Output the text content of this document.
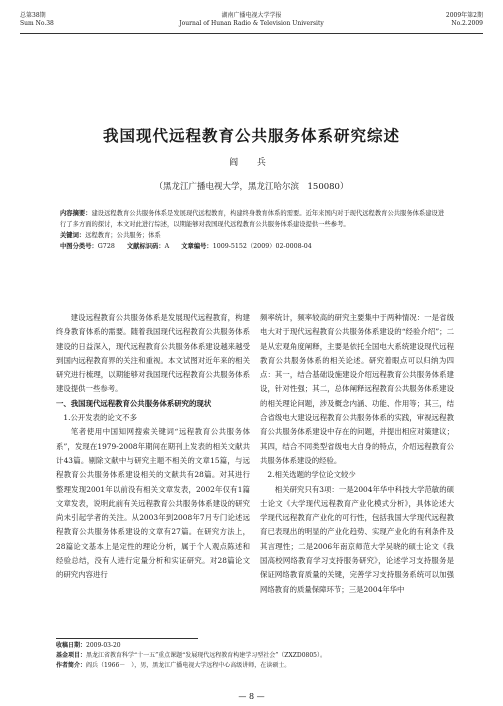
总第38期
Sum No.38
湖南广播电视大学学报
Journal of Hunan Radio & Television University
2009年第2期
No.2.2009
我国现代远程教育公共服务体系研究综述
阎 兵
（黑龙江广播电视大学，黑龙江哈尔滨　150080）
内容摘要：建设远程教育公共服务体系是发展现代远程教育，构建终身教育体系的需要。近年来国内对于现代远程教育公共服务体系建设进行了多方面的探讨，本文对此进行综述，以期能够对我国现代远程教育公共服务体系建设提供一些参考。
关键词：远程教育；公共服务；体系
中图分类号：G728 文献标识码：A 文章编号：1009-5152（2009）02-0008-04

建设远程教育公共服务体系是发展现代远程教育，构建终身教育体系的需要。随着我国现代远程教育公共服务体系建设的日益深入，现代远程教育公共服务体系建设越来越受到国内远程教育界的关注和重视。本文试图对近年来的相关研究进行梳理，以期能够对我国现代远程教育公共服务体系建设提供一些参考。

一、我国现代远程教育公共服务体系研究的现状

1.公开发表的论文不多

笔者使用中国知网搜索关键词“远程教育公共服务体系”，发现在1979-2008年期间在期刊上发表的相关文献共计43篇。剔除文献中与研究主题不相关的文章15篇，与远程教育公共服务体系建设相关的文献共有28篇。对其进行整理发现2001年以前没有相关文章发表，2002年仅有1篇文章发表，说明此前有关远程教育公共服务体系建设的研究尚未引起学者的关注。从2003年到2008年7月专门论述远程教育公共服务体系建设的文章有27篇。在研究方法上，28篇论文基本上是定性的理论分析，属于个人观点陈述和经验总结，没有人进行定量分析和实证研究。对28篇论文的研究内容进行

频率统计，频率较高的研究主要集中于两种情况：一是省级电大对于现代远程教育公共服务体系建设的“经验介绍”；二是从宏观角度阐释，主要是依托全国电大系统建设现代远程教育公共服务体系的相关论述。研究着眼点可以归纳为四点：其一，结合基础设施建设介绍远程教育公共服务体系建设，针对性强；其二，总体阐释远程教育公共服务体系建设的相关理论问题，涉及概念内涵、功能、作用等；其三，结合省级电大建设远程教育公共服务体系的实践，审视远程教育公共服务体系建设中存在的问题，并提出相应对策建议；其四，结合不同类型省级电大自身的特点，介绍远程教育公共服务体系建设的经验。

2.相关选题的学位论文较少

相关研究只有3项：一是2004年华中科技大学范敏的硕士论文《大学现代远程教育产业化模式分析》，具体论述大学现代远程教育产业化的可行性，包括我国大学现代远程教育已表现出的明显的产业化趋势、实现产业化的有利条件及其言理性；二是2006年南京师范大学吴晓的硕士论文《我国高校网络教育学习支持服务研究》，论述学习支持服务是保证网络教育质量的关键，完善学习支持服务系统可以加强网络教育的质量保障环节；三是2004年华中

收稿日期：2009-03-20
基金项目：黑龙江省教育科学“十一五”重点课题“发展现代远程教育构建学习型社会”（ZXZD0805）。
作者简介：阎兵（1966－　），男，黑龙江广播电视大学远程中心高级讲师，在读硕士。
— 8 —
